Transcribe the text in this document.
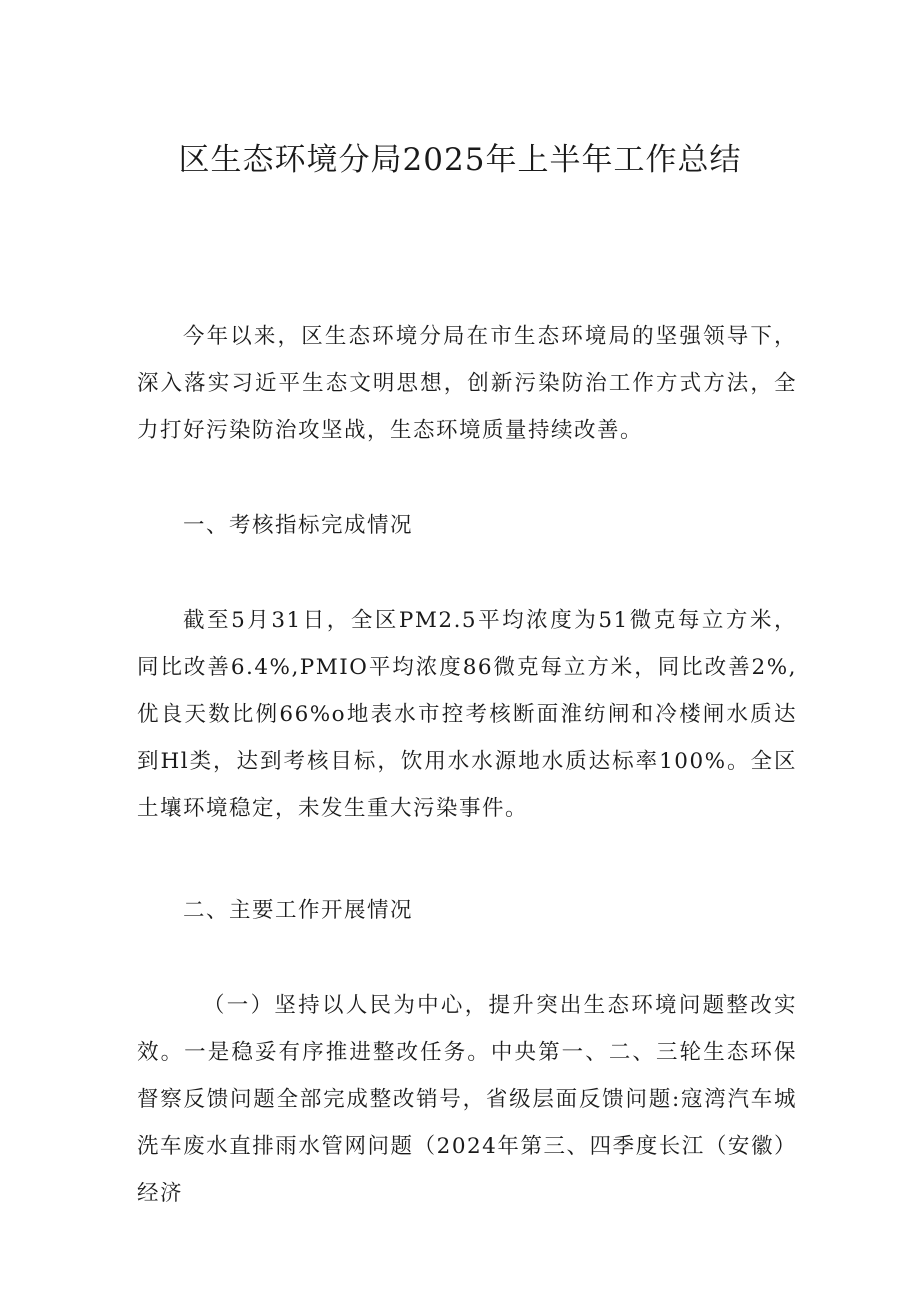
区生态环境分局2025年上半年工作总结

今年以来，区生态环境分局在市生态环境局的坚强领导下，深入落实习近平生态文明思想，创新污染防治工作方式方法，全力打好污染防治攻坚战，生态环境质量持续改善。

一、考核指标完成情况

截至5月31日，全区PM2.5平均浓度为51微克每立方米，同比改善6.4%,PMIO平均浓度86微克每立方米，同比改善2%,优良天数比例66%o地表水市控考核断面淮纺闸和冷楼闸水质达到Hl类，达到考核目标，饮用水水源地水质达标率100%。全区土壤环境稳定，未发生重大污染事件。

二、主要工作开展情况

（一）坚持以人民为中心，提升突出生态环境问题整改实效。一是稳妥有序推进整改任务。中央第一、二、三轮生态环保督察反馈问题全部完成整改销号，省级层面反馈问题:寇湾汽车城洗车废水直排雨水管网问题（2024年第三、四季度长江（安徽）经济
